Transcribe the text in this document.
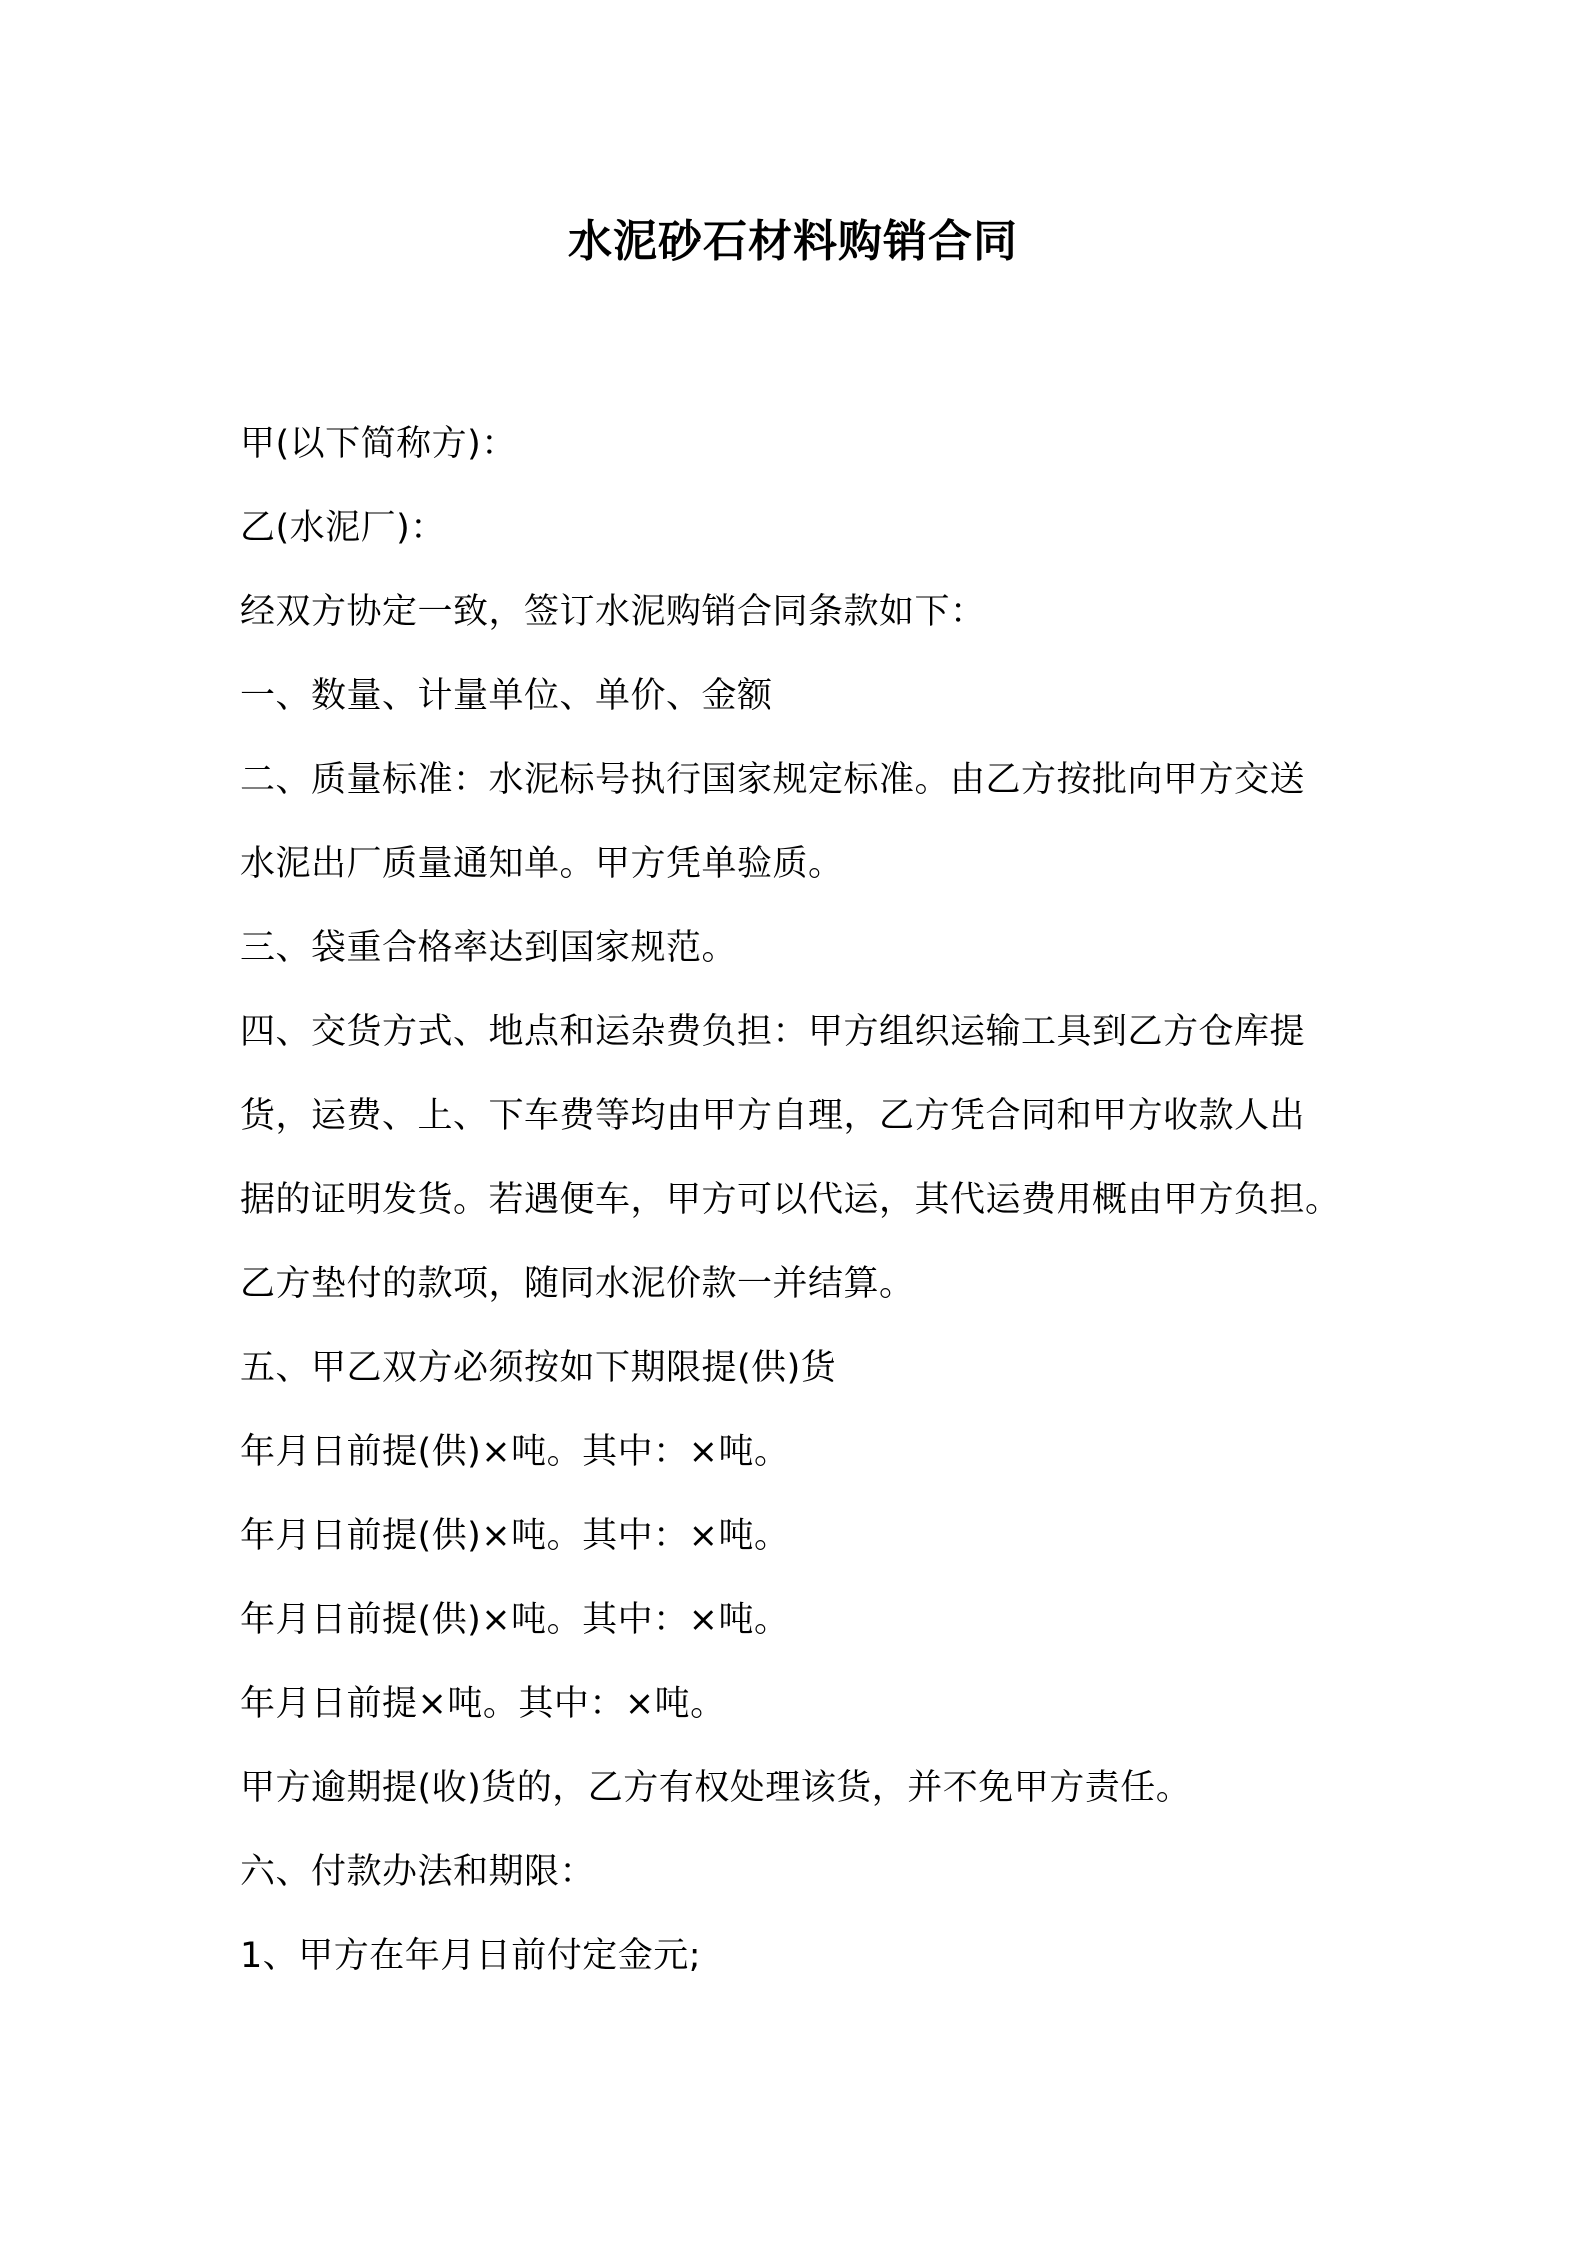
水泥砂石材料购销合同
甲(以下简称方)：
乙(水泥厂)：
经双方协定一致，签订水泥购销合同条款如下：
一、数量、计量单位、单价、金额
二、质量标准：水泥标号执行国家规定标准。由乙方按批向甲方交送
水泥出厂质量通知单。甲方凭单验质。
三、袋重合格率达到国家规范。
四、交货方式、地点和运杂费负担：甲方组织运输工具到乙方仓库提
货，运费、上、下车费等均由甲方自理，乙方凭合同和甲方收款人出
据的证明发货。若遇便车，甲方可以代运，其代运费用概由甲方负担。
乙方垫付的款项，随同水泥价款一并结算。
五、甲乙双方必须按如下期限提(供)货
年月日前提(供)×吨。其中：×吨。
年月日前提(供)×吨。其中：×吨。
年月日前提(供)×吨。其中：×吨。
年月日前提×吨。其中：×吨。
甲方逾期提(收)货的，乙方有权处理该货，并不免甲方责任。
六、付款办法和期限：
1、甲方在年月日前付定金元;
